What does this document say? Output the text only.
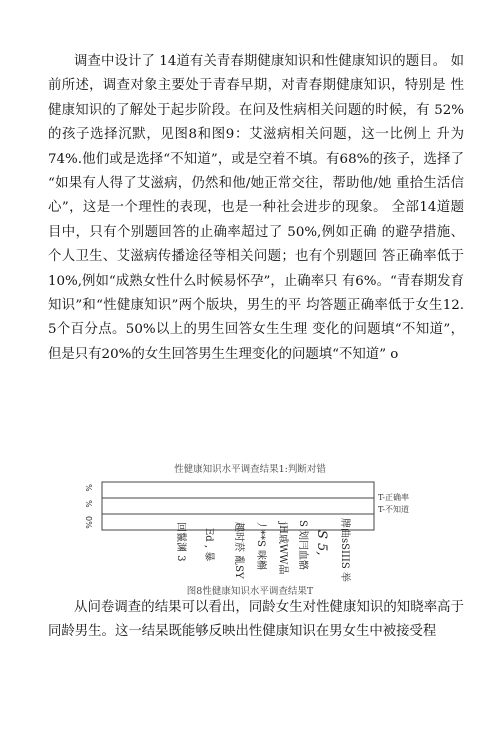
调查中设计了 14道有关青春期健康知识和性健康知识的题目。 如前所述，调查对象主要处于青春早期，对青春期健康知识，特别是 性健康知识的了解处于起步阶段。在问及性病相关问题的时候，有 52%的孩子选择沉默，见图8和图9：艾滋病相关问题，这一比例上 升为74%.他们或是选择“不知道”，或是空着不填。有68%的孩子，选择了 “如果有人得了艾滋病，仍然和他/她正常交往，帮助他/她 重拾生活信心”，这是一个理性的表现，也是一种社会进步的现象。 全部14道题目中，只有个别题回答的止确率超过了 50%,例如正确 的避孕措施、个人卫生、艾滋病传播途径等相关问题；也有个别题回 答正确率低于10%,例如“成熟女性什么时候易怀孕”，止确率只 有6%。“青春期发育知识”和“性健康知识”两个版块，男生的平 均答题正确率低于女生12. 5个百分点。50%以上的男生回答女生生理 变化的问题填“不知道”，但是只有20%的女生回答男生生理变化的问题填“不知道” o

性健康知识水平调查结果1:判断对错
%
%
0%
T-正确率
T-不知道
回鬣渊 3 Ed , 暴 趣时菸 亂SY 丿**S 咪槲 jH戚WW晶 S 划冃血骼 S 5, 牌曲sSIIIS 举
图8性健康知识水平调查结果T

从问卷调查的结果可以看出，同龄女生对性健康知识的知晓率高于同龄男生。这一结杲既能够反映出性健康知识在男女生中被接受程
